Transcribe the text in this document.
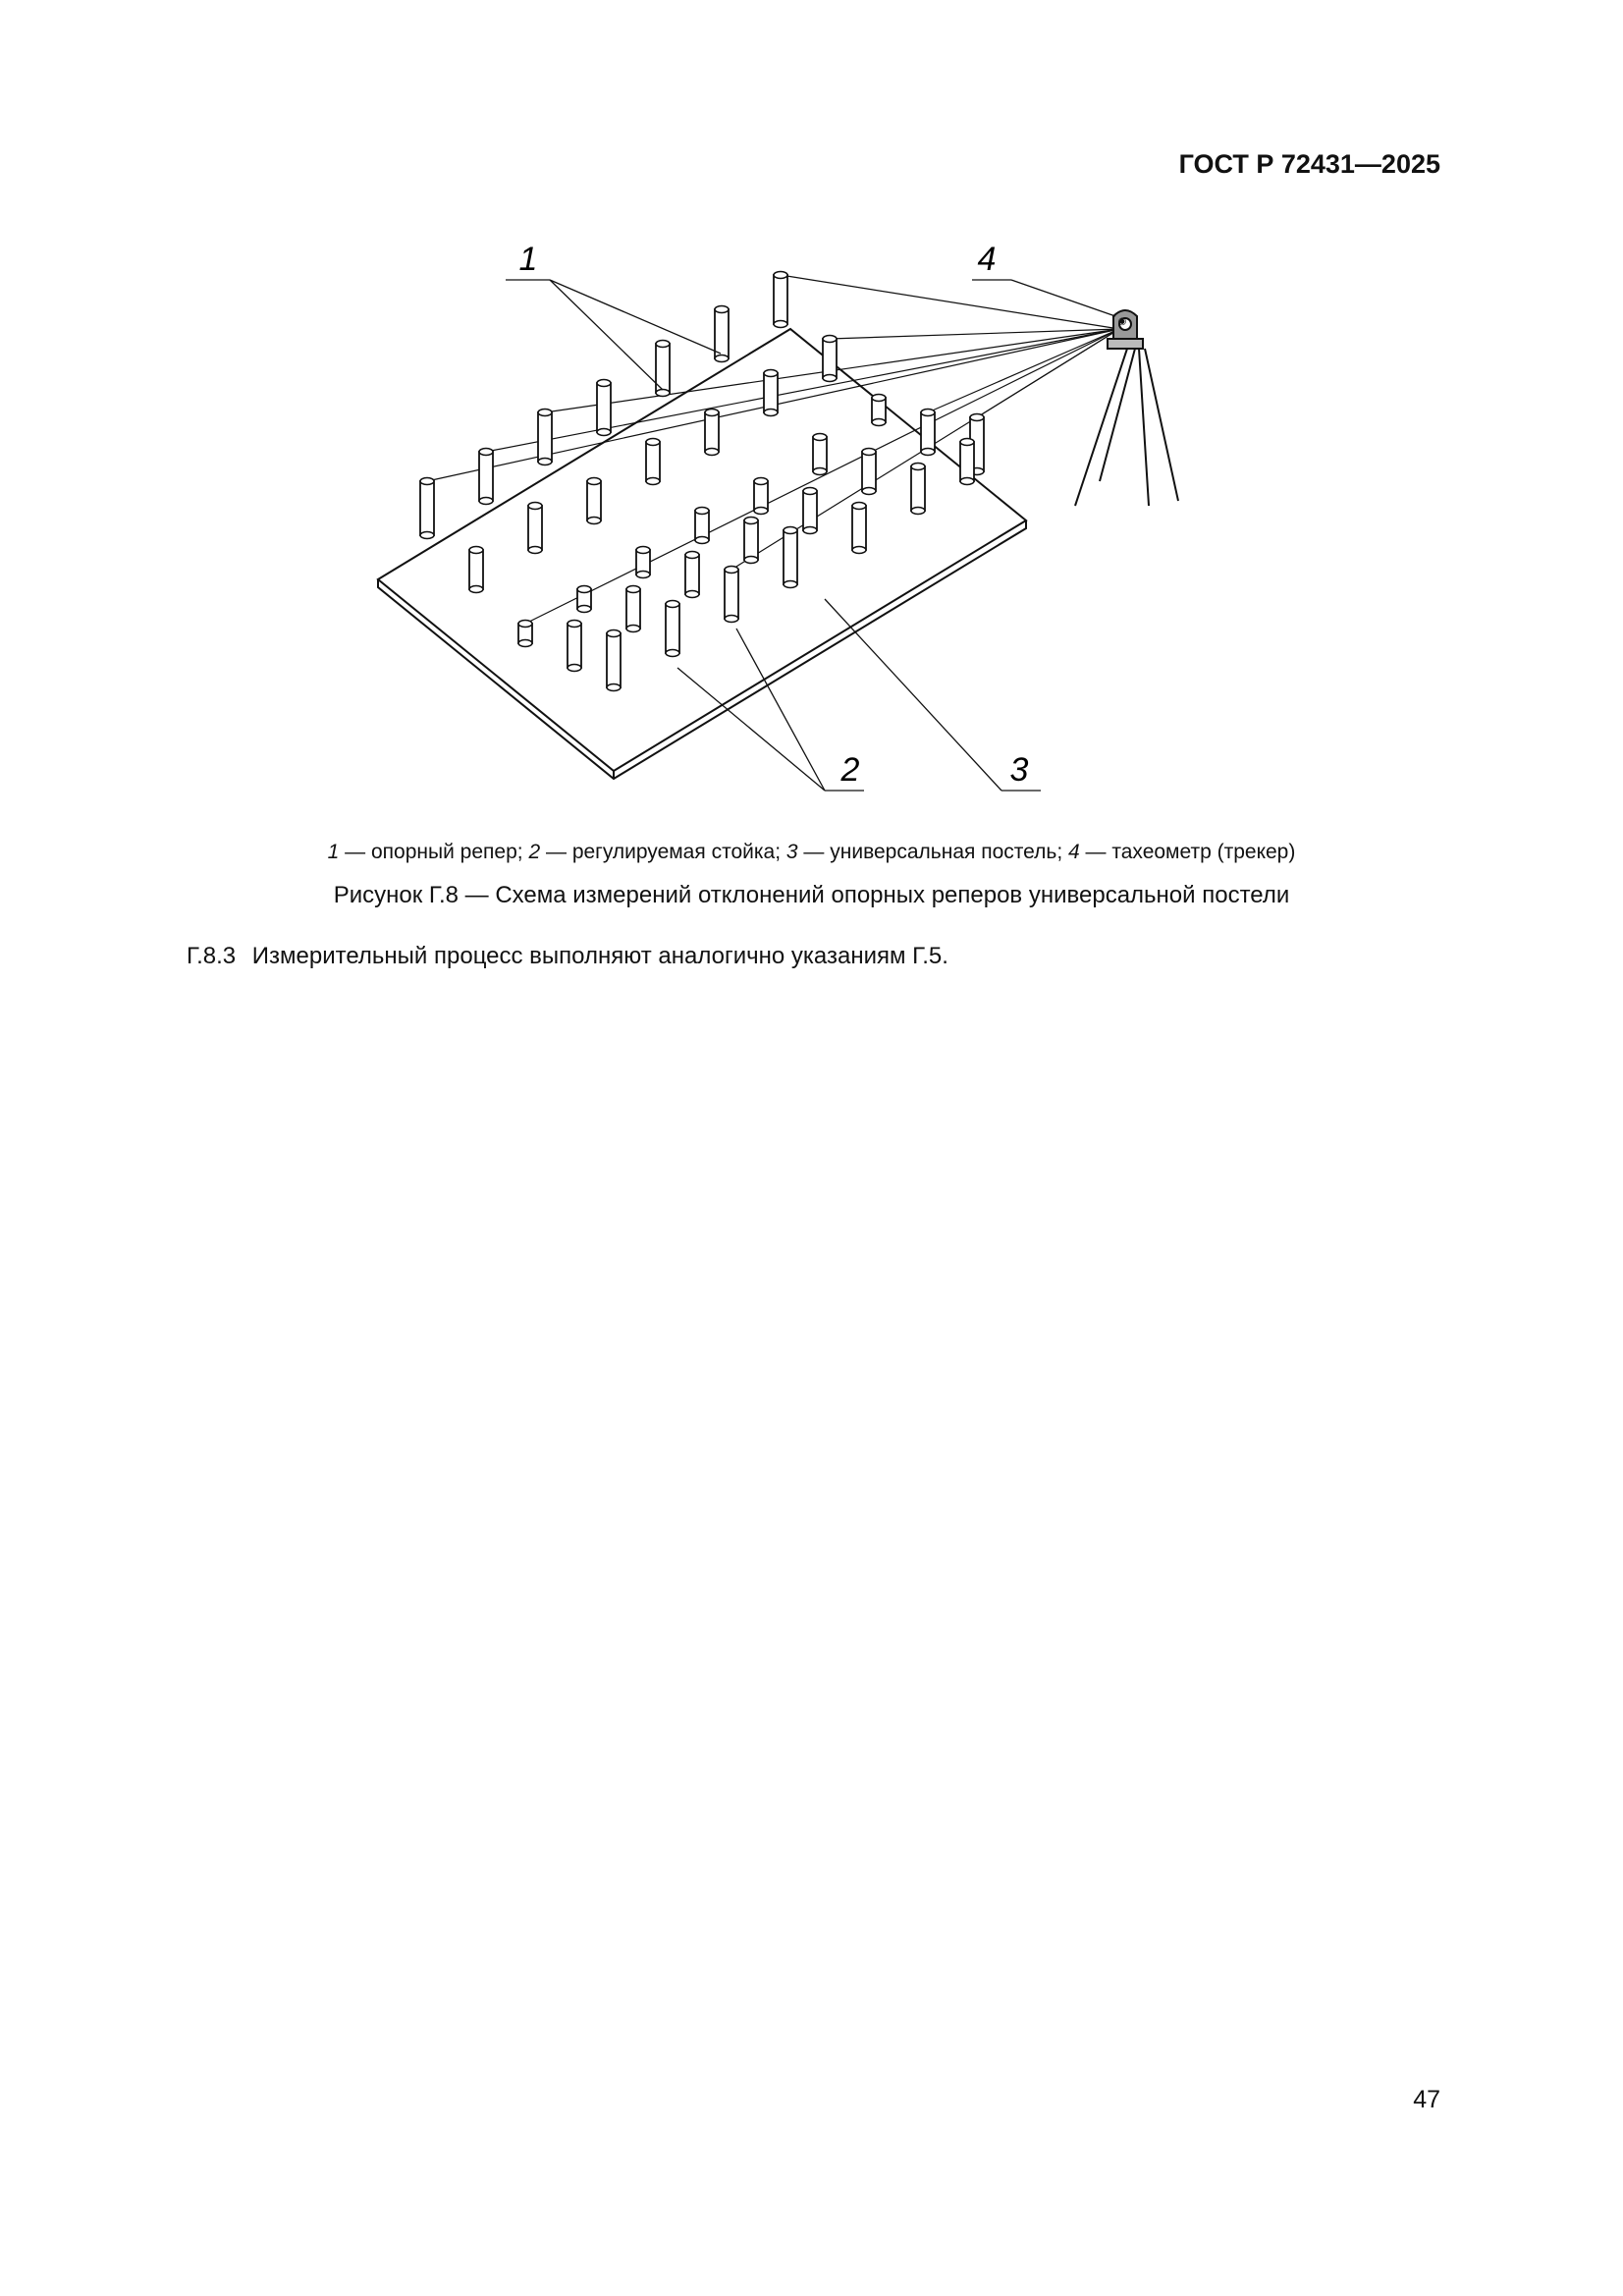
ГОСТ Р 72431—2025
◉
1	4
2	3
1 — опорный репер; 2 — регулируемая стойка; 3 — универсальная постель; 4 — тахеометр (трекер)
Рисунок Г.8 — Схема измерений отклонений опорных реперов универсальной постели
Г.8.3 Измерительный процесс выполняют аналогично указаниям Г.5.
47
